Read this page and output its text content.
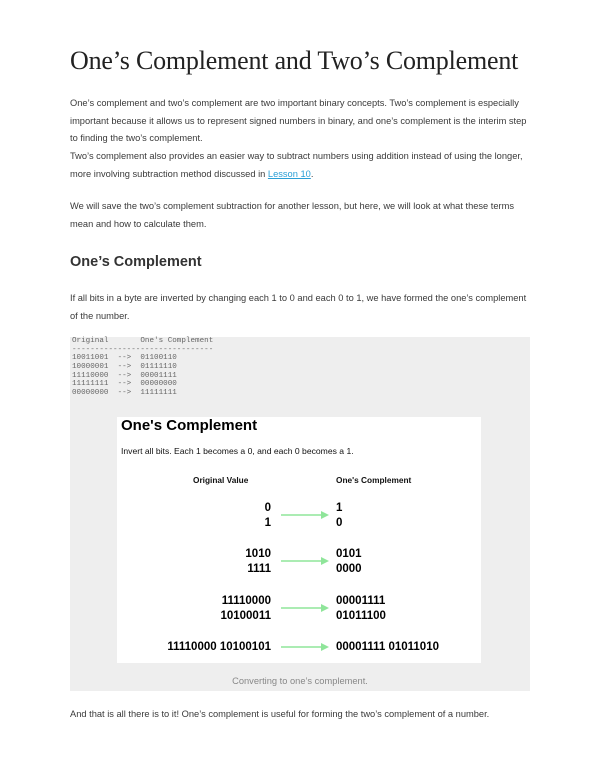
One’s Complement and Two’s Complement

One’s complement and two’s complement are two important binary concepts. Two’s complement is especially important because it allows us to represent signed numbers in binary, and one’s complement is the interim step to finding the two’s complement.

Two’s complement also provides an easier way to subtract numbers using addition instead of using the longer, more involving subtraction method discussed in Lesson 10.

We will save the two’s complement subtraction for another lesson, but here, we will look at what these terms mean and how to calculate them.

One’s Complement

If all bits in a byte are inverted by changing each 1 to 0 and each 0 to 1, we have formed the one’s complement of the number.

Original       One's Complement
-------------------------------
10011001  -->  01100110
10000001  -->  01111110
11110000  -->  00001111
11111111  -->  00000000
00000000  -->  11111111
One's Complement
Invert all bits. Each 1 becomes a 0, and each 0 becomes a 1.
Original Value	One's Complement
0
1
1
0
1010
1111
0101
0000
11110000
10100011
00001111
01011100
11110000 10100101	00001111 01011010
Converting to one’s complement.

And that is all there is to it! One’s complement is useful for forming the two’s complement of a number.
